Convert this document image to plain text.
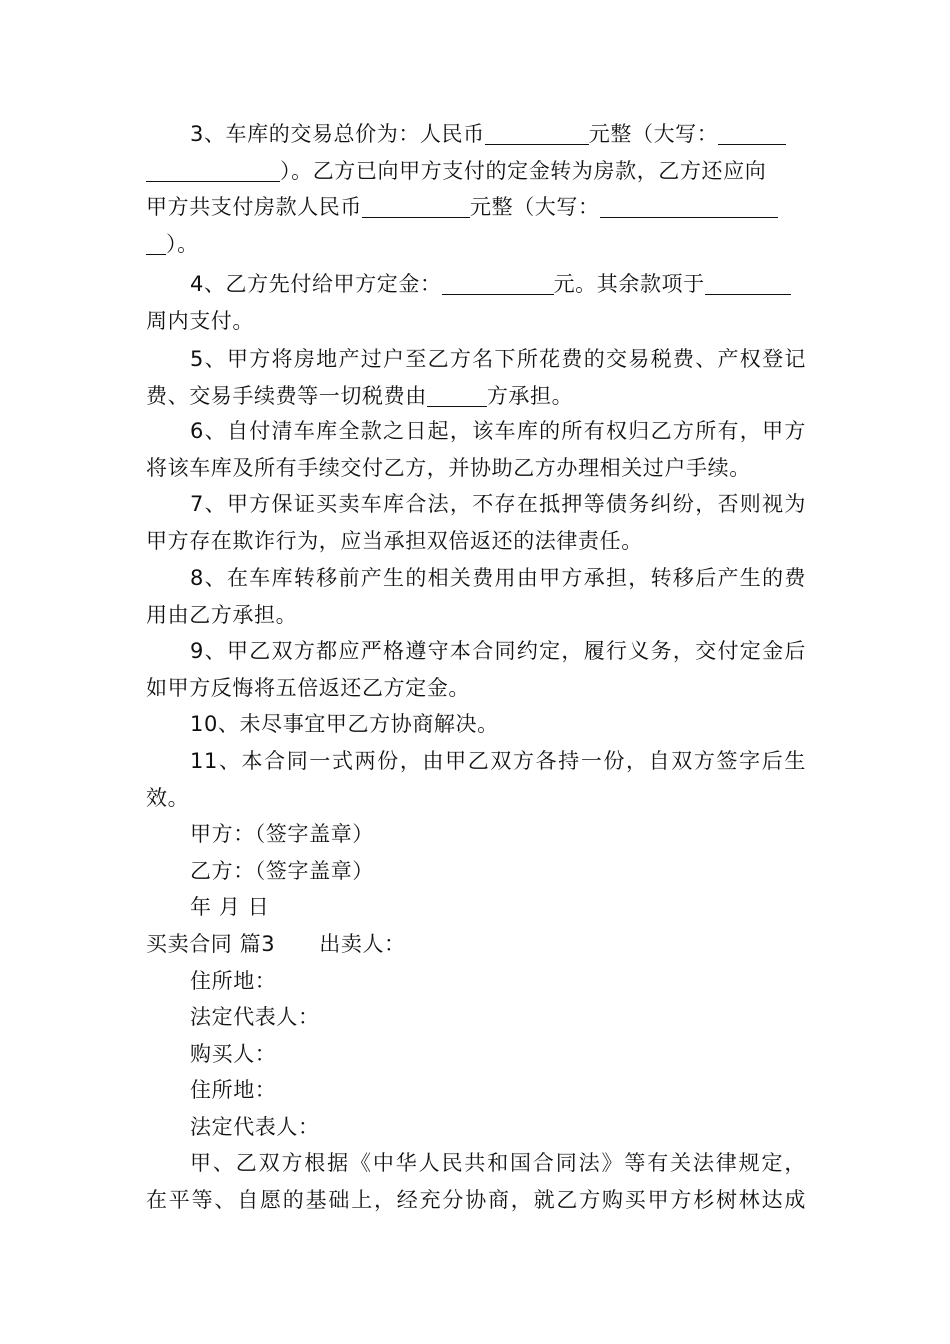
3、车库的交易总价为：人民币	元整（大写：
）。乙方已向甲方支付的定金转为房款，乙方还应向
甲方共支付房款人民币	元整（大写：
）。
4、乙方先付给甲方定金：	元。其余款项于
周内支付。
5、甲方将房地产过户至乙方名下所花费的交易税费、产权登记
费、交易手续费等一切税费由	方承担。
6、自付清车库全款之日起，该车库的所有权归乙方所有，甲方
将该车库及所有手续交付乙方，并协助乙方办理相关过户手续。
7、甲方保证买卖车库合法，不存在抵押等债务纠纷，否则视为
甲方存在欺诈行为，应当承担双倍返还的法律责任。
8、在车库转移前产生的相关费用由甲方承担，转移后产生的费
用由乙方承担。
9、甲乙双方都应严格遵守本合同约定，履行义务，交付定金后
如甲方反悔将五倍返还乙方定金。
10、未尽事宜甲乙方协商解决。
11、本合同一式两份，由甲乙双方各持一份，自双方签字后生
效。
甲方：（签字盖章）
乙方：（签字盖章）
年 月 日
买卖合同 篇3 出卖人：
住所地：
法定代表人：
购买人：
住所地：
法定代表人：
甲、乙双方根据《中华人民共和国合同法》等有关法律规定，
在平等、自愿的基础上，经充分协商，就乙方购买甲方杉树林达成
